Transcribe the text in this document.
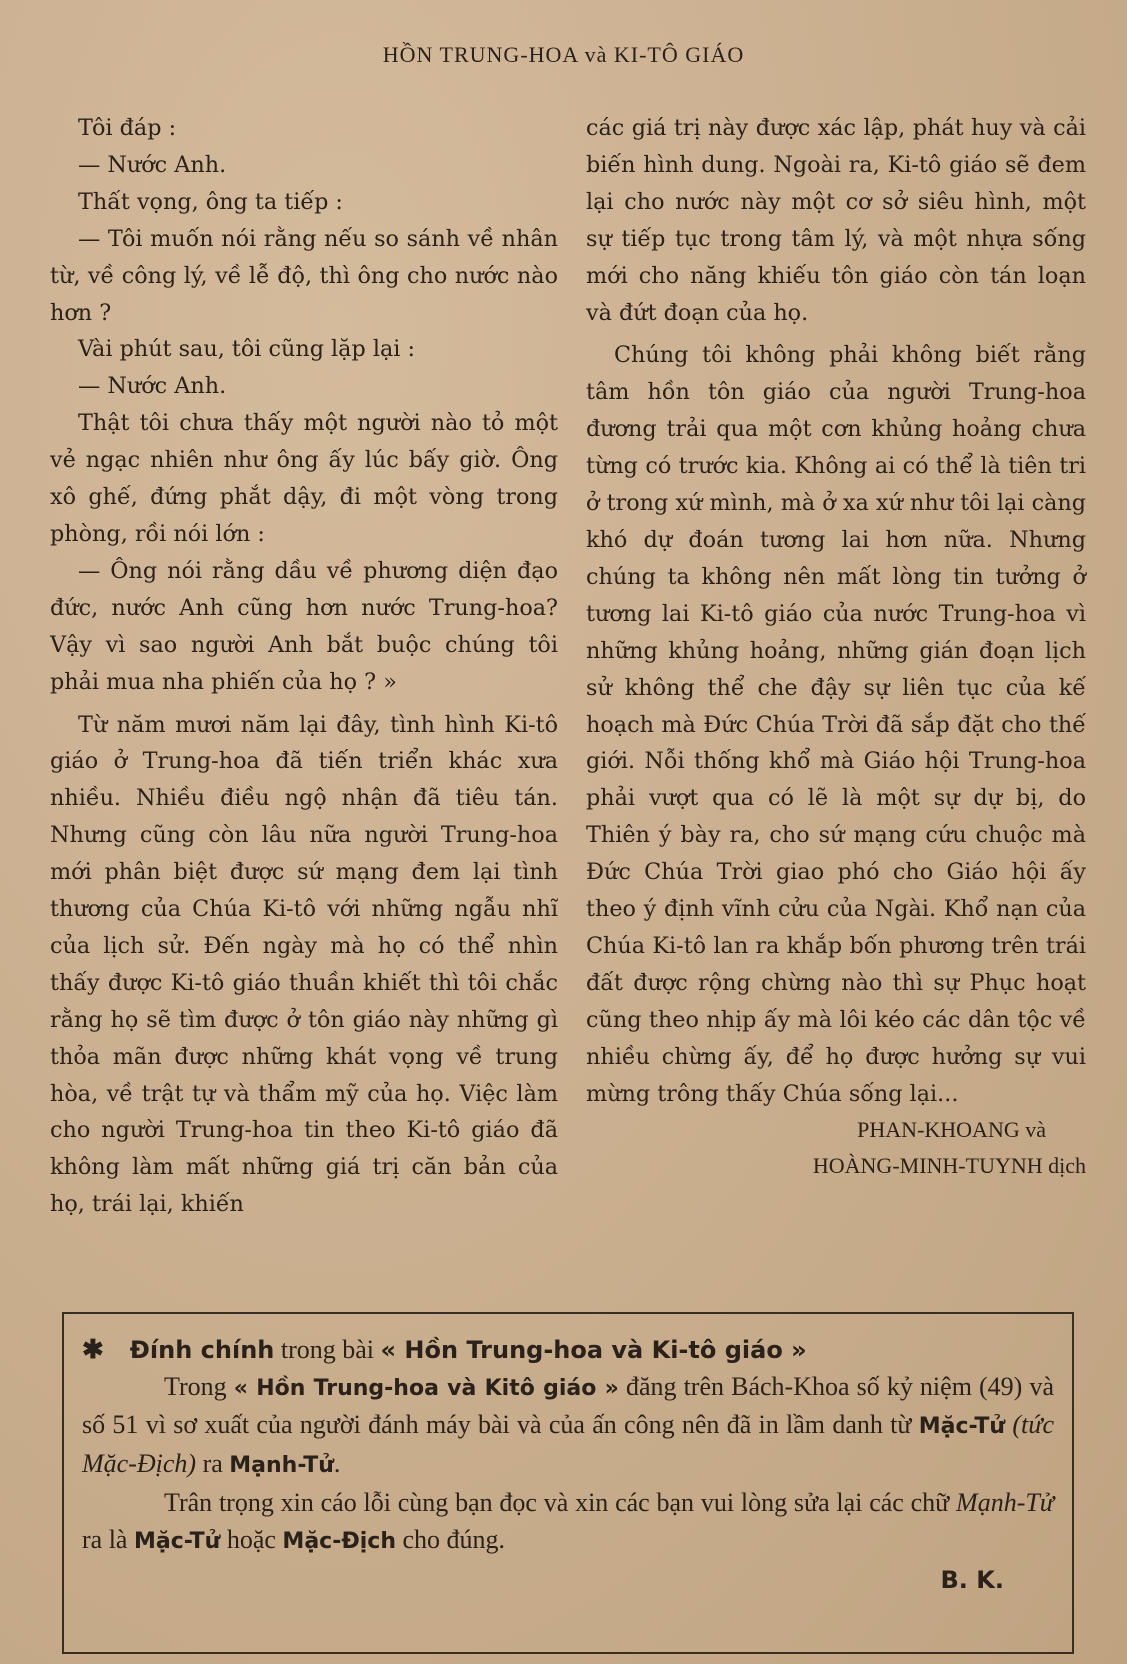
HỒN TRUNG-HOA và KI-TÔ GIÁO

Tôi đáp :

— Nước Anh.

Thất vọng, ông ta tiếp :

— Tôi muốn nói rằng nếu so sánh về nhân từ, về công lý, về lễ độ, thì ông cho nước nào hơn ?

Vài phút sau, tôi cũng lặp lại :

— Nước Anh.

Thật tôi chưa thấy một người nào tỏ một vẻ ngạc nhiên như ông ấy lúc bấy giờ. Ông xô ghế, đứng phắt dậy, đi một vòng trong phòng, rồi nói lớn :

— Ông nói rằng dầu về phương diện đạo đức, nước Anh cũng hơn nước Trung-hoa? Vậy vì sao người Anh bắt buộc chúng tôi phải mua nha phiến của họ ? »

Từ năm mươi năm lại đây, tình hình Ki-tô giáo ở Trung-hoa đã tiến triển khác xưa nhiều. Nhiều điều ngộ nhận đã tiêu tán. Nhưng cũng còn lâu nữa người Trung-hoa mới phân biệt được sứ mạng đem lại tình thương của Chúa Ki-tô với những ngẫu nhĩ của lịch sử. Đến ngày mà họ có thể nhìn thấy được Ki-tô giáo thuần khiết thì tôi chắc rằng họ sẽ tìm được ở tôn giáo này những gì thỏa mãn được những khát vọng về trung hòa, về trật tự và thẩm mỹ của họ. Việc làm cho người Trung-hoa tin theo Ki-tô giáo đã không làm mất những giá trị căn bản của họ, trái lại, khiến

các giá trị này được xác lập, phát huy và cải biến hình dung. Ngoài ra, Ki-tô giáo sẽ đem lại cho nước này một cơ sở siêu hình, một sự tiếp tục trong tâm lý, và một nhựa sống mới cho năng khiếu tôn giáo còn tán loạn và đứt đoạn của họ.

Chúng tôi không phải không biết rằng tâm hồn tôn giáo của người Trung-hoa đương trải qua một cơn khủng hoảng chưa từng có trước kia. Không ai có thể là tiên tri ở trong xứ mình, mà ở xa xứ như tôi lại càng khó dự đoán tương lai hơn nữa. Nhưng chúng ta không nên mất lòng tin tưởng ở tương lai Ki-tô giáo của nước Trung-hoa vì những khủng hoảng, những gián đoạn lịch sử không thể che đậy sự liên tục của kế hoạch mà Đức Chúa Trời đã sắp đặt cho thế giới. Nỗi thống khổ mà Giáo hội Trung-hoa phải vượt qua có lẽ là một sự dự bị, do Thiên ý bày ra, cho sứ mạng cứu chuộc mà Đức Chúa Trời giao phó cho Giáo hội ấy theo ý định vĩnh cửu của Ngài. Khổ nạn của Chúa Ki-tô lan ra khắp bốn phương trên trái đất được rộng chừng nào thì sự Phục hoạt cũng theo nhịp ấy mà lôi kéo các dân tộc về nhiều chừng ấy, để họ được hưởng sự vui mừng trông thấy Chúa sống lại...

PHAN-KHOANG và
HOÀNG-MINH-TUYNH dịch

✱ Đính chính trong bài « Hồn Trung-hoa và Ki-tô giáo »

Trong « Hồn Trung-hoa và Kitô giáo » đăng trên Bách-Khoa số kỷ niệm (49) và số 51 vì sơ xuất của người đánh máy bài và của ấn công nên đã in lầm danh từ Mặc-Tử (tức Mặc-Địch) ra Mạnh-Tử.

Trân trọng xin cáo lỗi cùng bạn đọc và xin các bạn vui lòng sửa lại các chữ Mạnh-Tử ra là Mặc-Tử hoặc Mặc-Địch cho đúng.

B. K.
